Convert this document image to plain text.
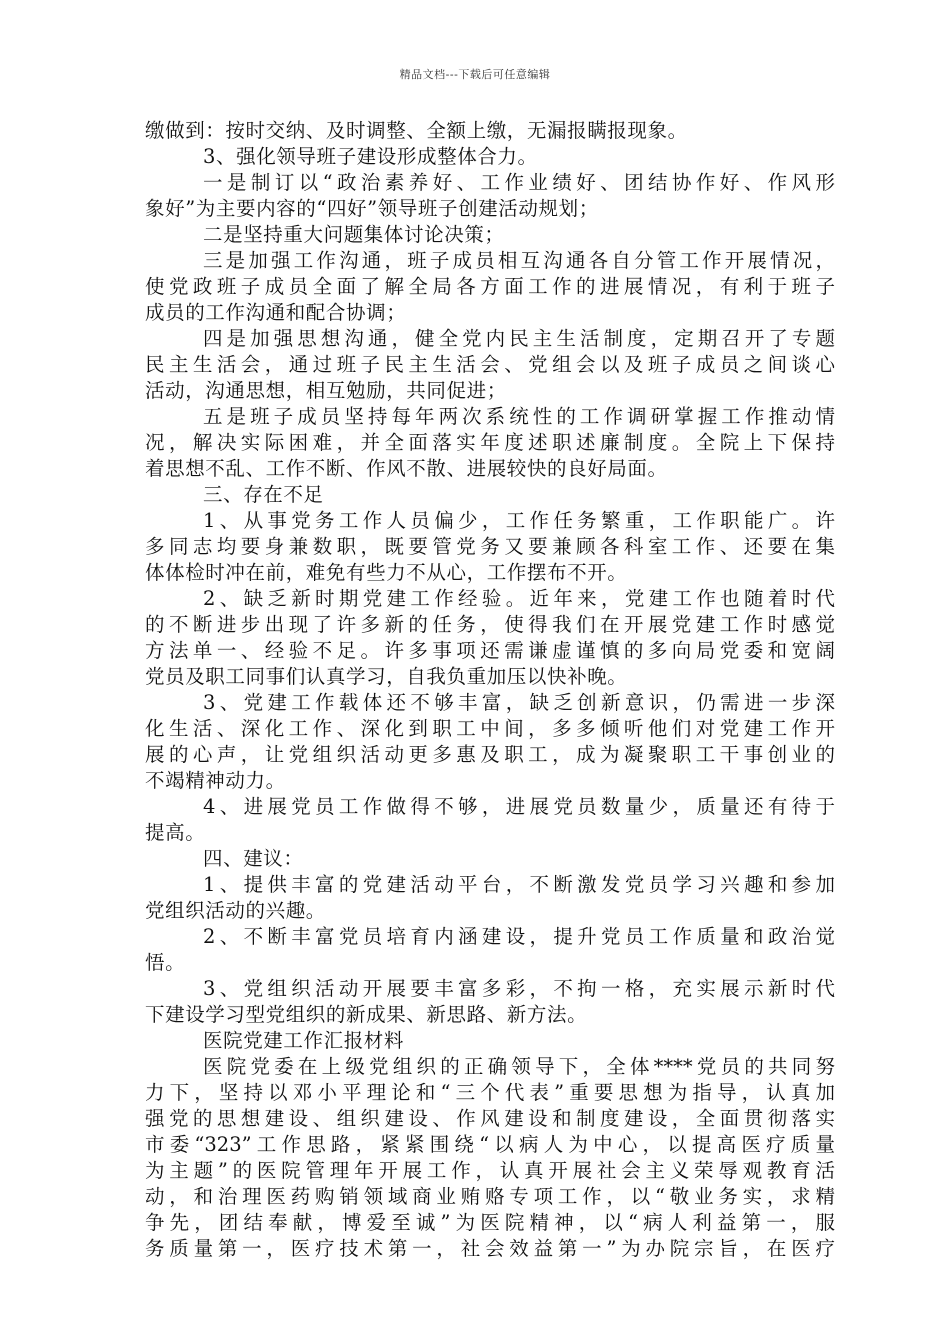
精品文档---下载后可任意编辑
缴做到：按时交纳、及时调整、全额上缴，无漏报瞒报现象。
3、强化领导班子建设形成整体合力。
一是制订以“政治素养好、工作业绩好、团结协作好、作风形
象好”为主要内容的“四好”领导班子创建活动规划；
二是坚持重大问题集体讨论决策；
三是加强工作沟通，班子成员相互沟通各自分管工作开展情况，
使党政班子成员全面了解全局各方面工作的进展情况，有利于班子
成员的工作沟通和配合协调；
四是加强思想沟通，健全党内民主生活制度，定期召开了专题
民主生活会，通过班子民主生活会、党组会以及班子成员之间谈心
活动，沟通思想，相互勉励，共同促进；
五是班子成员坚持每年两次系统性的工作调研掌握工作推动情
况，解决实际困难，并全面落实年度述职述廉制度。全院上下保持
着思想不乱、工作不断、作风不散、进展较快的良好局面。
三、存在不足
1、从事党务工作人员偏少，工作任务繁重，工作职能广。许
多同志均要身兼数职，既要管党务又要兼顾各科室工作、还要在集
体体检时冲在前，难免有些力不从心，工作摆布不开。
2、缺乏新时期党建工作经验。近年来，党建工作也随着时代
的不断进步出现了许多新的任务，使得我们在开展党建工作时感觉
方法单一、经验不足。许多事项还需谦虚谨慎的多向局党委和宽阔
党员及职工同事们认真学习，自我负重加压以快补晚。
3、党建工作载体还不够丰富，缺乏创新意识，仍需进一步深
化生活、深化工作、深化到职工中间，多多倾听他们对党建工作开
展的心声，让党组织活动更多惠及职工，成为凝聚职工干事创业的
不竭精神动力。
4、进展党员工作做得不够，进展党员数量少，质量还有待于
提高。
四、建议：
1、提供丰富的党建活动平台，不断激发党员学习兴趣和参加
党组织活动的兴趣。
2、不断丰富党员培育内涵建设，提升党员工作质量和政治觉
悟。
3、党组织活动开展要丰富多彩，不拘一格，充实展示新时代
下建设学习型党组织的新成果、新思路、新方法。
医院党建工作汇报材料
医院党委在上级党组织的正确领导下，全体****党员的共同努
力下，坚持以邓小平理论和“三个代表”重要思想为指导，认真加
强党的思想建设、组织建设、作风建设和制度建设，全面贯彻落实
市委“323”工作思路，紧紧围绕“以病人为中心，以提高医疗质量
为主题”的医院管理年开展工作，认真开展社会主义荣辱观教育活
动，和治理医药购销领域商业贿赂专项工作，以“敬业务实，求精
争先，团结奉献，博爱至诚”为医院精神，以“病人利益第一，服
务质量第一，医疗技术第一，社会效益第一”为办院宗旨，在医疗
